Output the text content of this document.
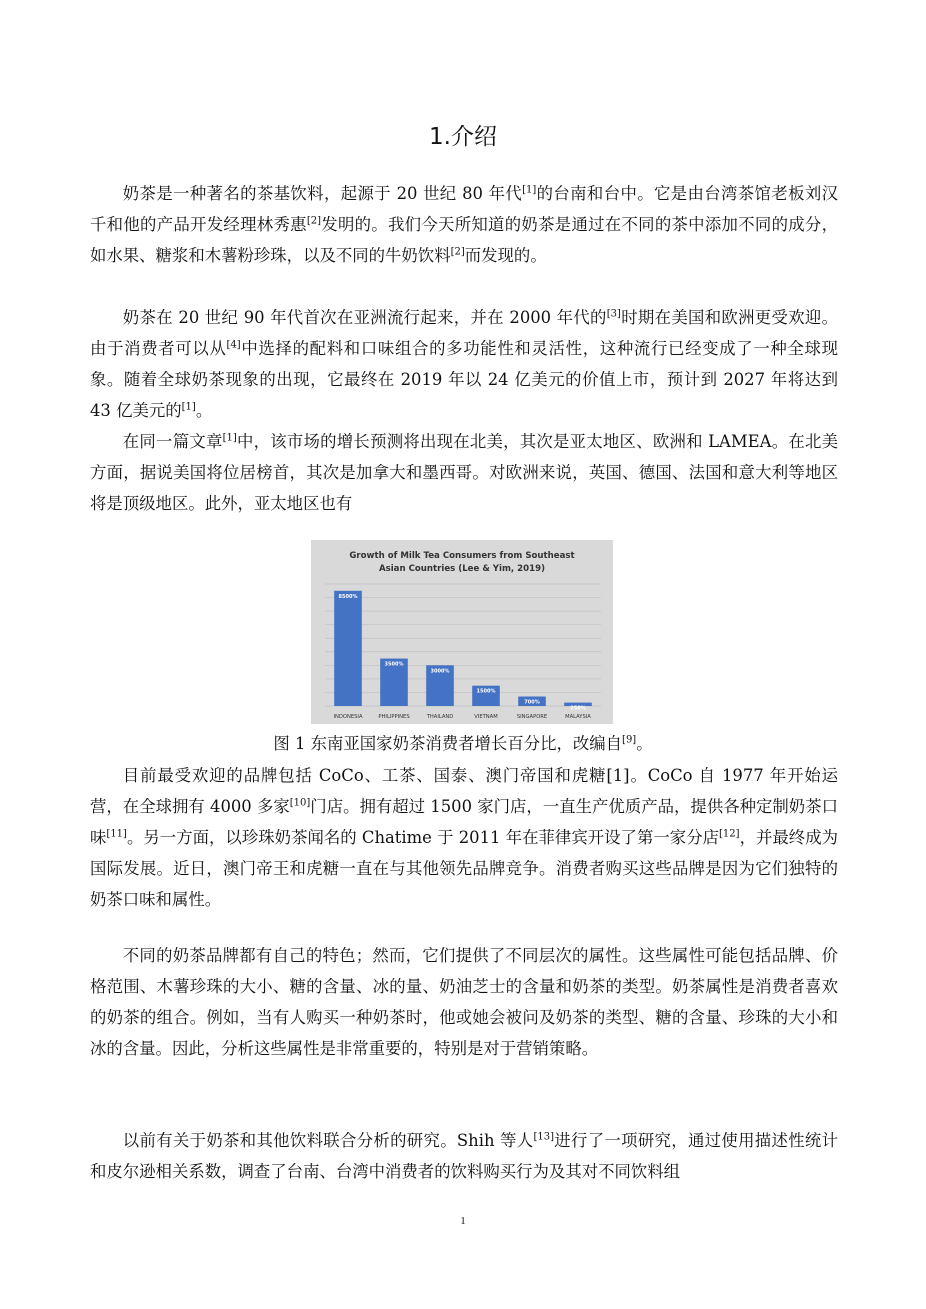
1.介绍

奶茶是一种著名的茶基饮料，起源于 20 世纪 80 年代[1]的台南和台中。它是由台湾茶馆老板刘汉千和他的产品开发经理林秀惠[2]发明的。我们今天所知道的奶茶是通过在不同的茶中添加不同的成分，如水果、糖浆和木薯粉珍珠，以及不同的牛奶饮料[2]而发现的。

奶茶在 20 世纪 90 年代首次在亚洲流行起来，并在 2000 年代的[3]时期在美国和欧洲更受欢迎。由于消费者可以从[4]中选择的配料和口味组合的多功能性和灵活性，这种流行已经变成了一种全球现象。随着全球奶茶现象的出现，它最终在 2019 年以 24 亿美元的价值上市，预计到 2027 年将达到 43 亿美元的[1]。

在同一篇文章[1]中，该市场的增长预测将出现在北美，其次是亚太地区、欧洲和 LAMEA。在北美方面，据说美国将位居榜首，其次是加拿大和墨西哥。对欧洲来说，英国、德国、法国和意大利等地区将是顶级地区。此外，亚太地区也有

Growth of Milk Tea Consumers from Southeast
Asian Countries (Lee & Yim, 2019)
8500%
3500%
3000%
1500%
700%
250%
INDONESIA	PHILIPPINES	THAILAND	VIETNAM	SINGAPORE	MALAYSIA
图 1 东南亚国家奶茶消费者增长百分比，改编自[9]。

目前最受欢迎的品牌包括 CoCo、工茶、国泰、澳门帝国和虎糖[1]。CoCo 自 1977 年开始运营，在全球拥有 4000 多家[10]门店。拥有超过 1500 家门店，一直生产优质产品，提供各种定制奶茶口味[11]。另一方面，以珍珠奶茶闻名的 Chatime 于 2011 年在菲律宾开设了第一家分店[12]，并最终成为国际发展。近日，澳门帝王和虎糖一直在与其他领先品牌竞争。消费者购买这些品牌是因为它们独特的奶茶口味和属性。

不同的奶茶品牌都有自己的特色；然而，它们提供了不同层次的属性。这些属性可能包括品牌、价格范围、木薯珍珠的大小、糖的含量、冰的量、奶油芝士的含量和奶茶的类型。奶茶属性是消费者喜欢的奶茶的组合。例如，当有人购买一种奶茶时，他或她会被问及奶茶的类型、糖的含量、珍珠的大小和冰的含量。因此，分析这些属性是非常重要的，特别是对于营销策略。

以前有关于奶茶和其他饮料联合分析的研究。Shih 等人[13]进行了一项研究，通过使用描述性统计和皮尔逊相关系数，调查了台南、台湾中消费者的饮料购买行为及其对不同饮料组

1
